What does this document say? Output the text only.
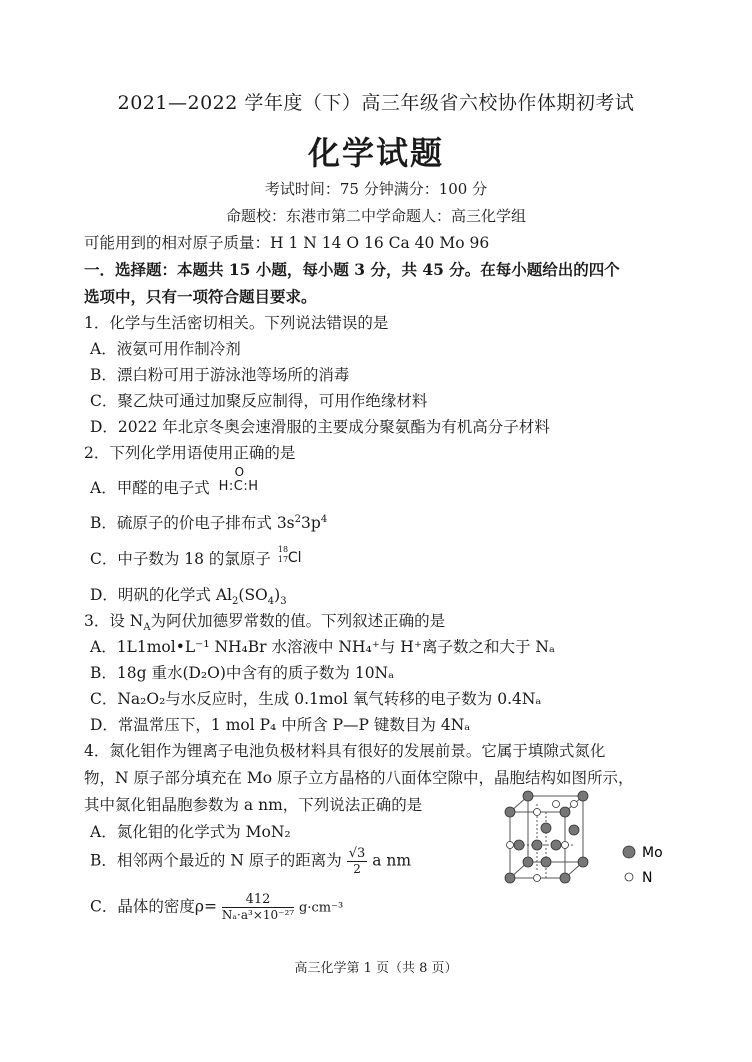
2021—2022 学年度（下）高三年级省六校协作体期初考试
化学试题
考试时间：75 分钟满分：100 分
命题校：东港市第二中学命题人：高三化学组
可能用到的相对原子质量：H 1 N 14 O 16 Ca 40 Mo 96
一．选择题：本题共 15 小题，每小题 3 分，共 45 分。在每小题给出的四个
选项中，只有一项符合题目要求。
1．化学与生活密切相关。下列说法错误的是
A．液氨可用作制冷剂
B．漂白粉可用于游泳池等场所的消毒
C．聚乙炔可通过加聚反应制得，可用作绝缘材料
D．2022 年北京冬奥会速滑服的主要成分聚氨酯为有机高分子材料
2．下列化学用语使用正确的是
A．甲醛的电子式
O
H:C:H
B．硫原子的价电子排布式 $3s^23p^4$
C．中子数为 18 的氯原子
18
17 Cl
D．明矾的化学式 $Al_2(SO_4)_3$
3．设 $N_A$为阿伏加德罗常数的值。下列叙述正确的是
A．1L1mol•L⁻¹ NH₄Br 水溶液中 NH₄⁺与 H⁺离子数之和大于 Nₐ
B．18g 重水(D₂O)中含有的质子数为 10Nₐ
C．Na₂O₂与水反应时，生成 0.1mol 氧气转移的电子数为 0.4Nₐ
D．常温常压下，1 mol P₄ 中所含 P—P 键数目为 4Nₐ
4．氮化钼作为锂离子电池负极材料具有很好的发展前景。它属于填隙式氮化
物，N 原子部分填充在 Mo 原子立方晶格的八面体空隙中，晶胞结构如图所示，
其中氮化钼晶胞参数为 a nm，下列说法正确的是
A．氮化钼的化学式为 MoN₂
B．相邻两个最近的 N 原子的距离为 $\frac{√3}{2}$ a nm
C．晶体的密度$\rho= \frac{412}{\text{Nₐ·a³×10⁻²⁷}} g\cdot cm^{-3}$
Mo
N
高三化学第 1 页（共 8 页）
